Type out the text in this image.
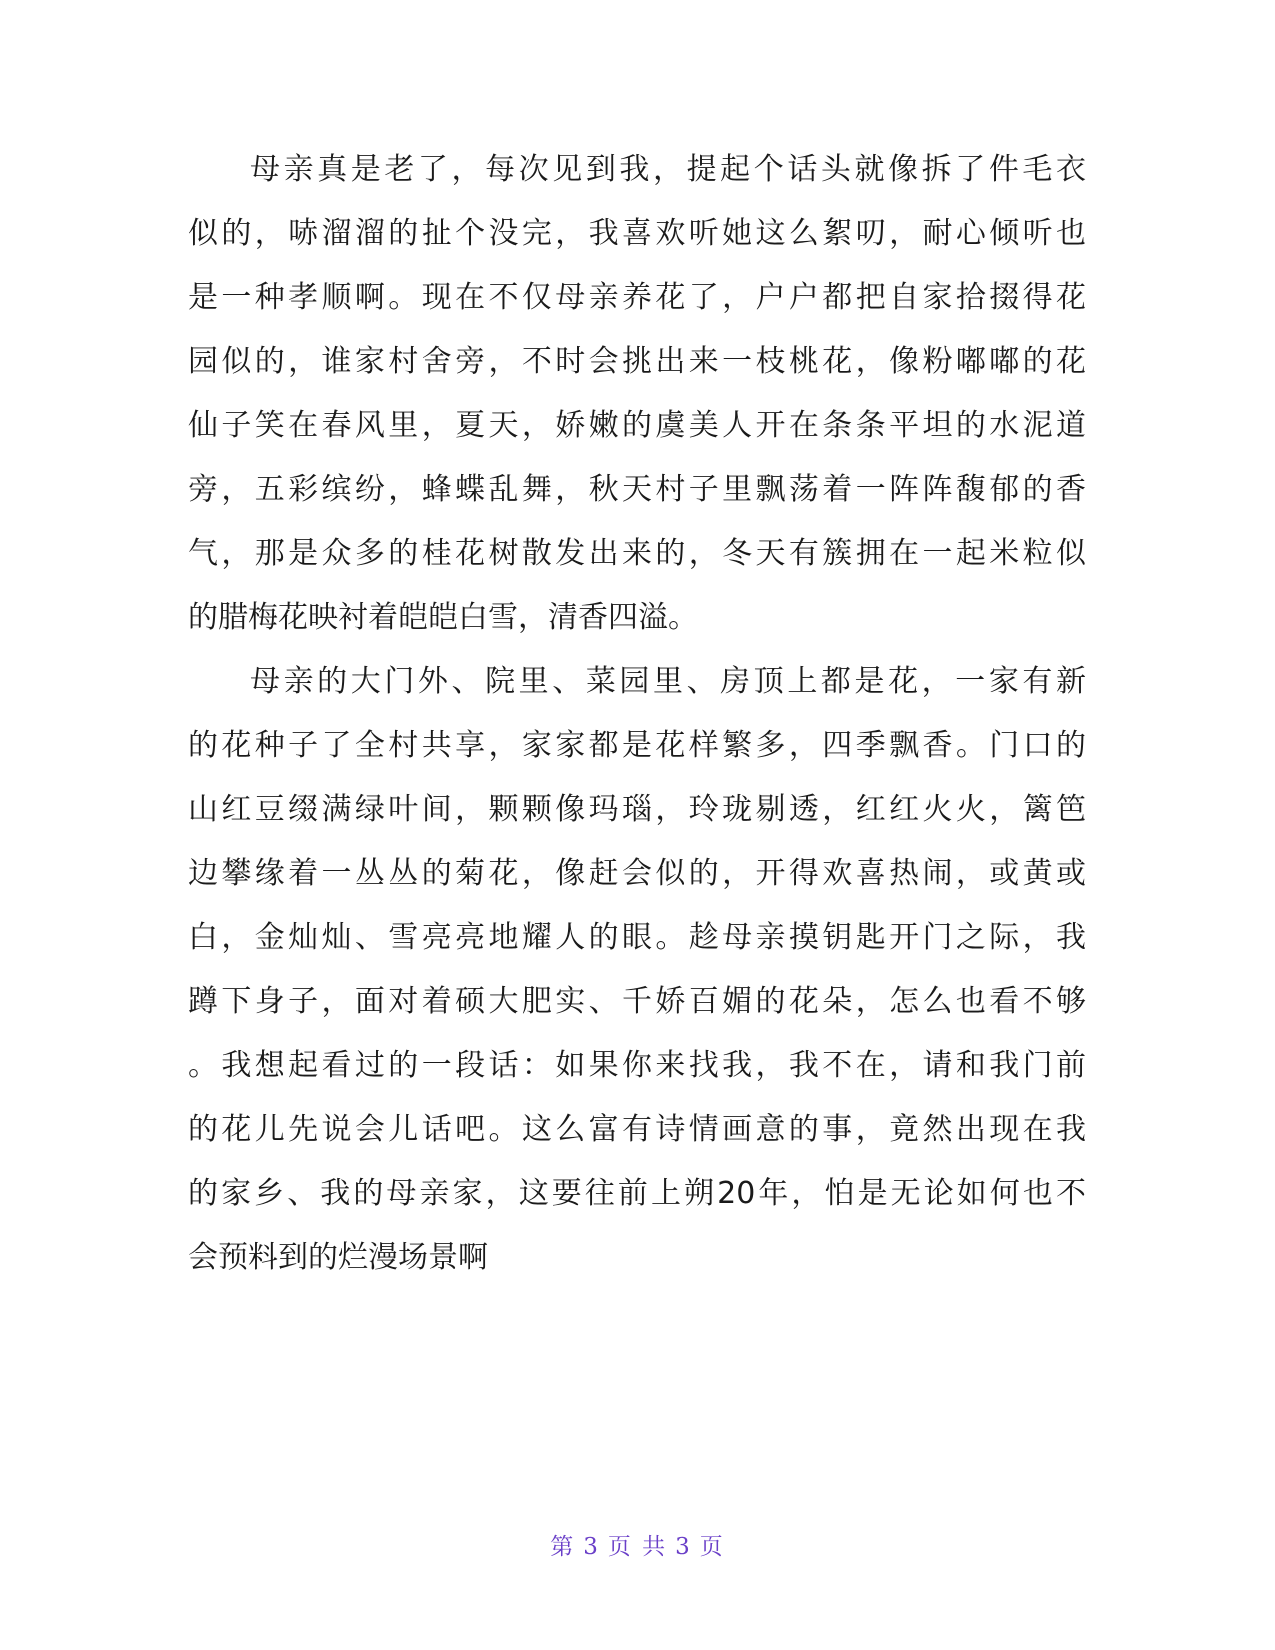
母亲真是老了，每次见到我，提起个话头就像拆了件毛衣
似的，哧溜溜的扯个没完，我喜欢听她这么絮叨，耐心倾听也
是一种孝顺啊。现在不仅母亲养花了，户户都把自家拾掇得花
园似的，谁家村舍旁，不时会挑出来一枝桃花，像粉嘟嘟的花
仙子笑在春风里，夏天，娇嫩的虞美人开在条条平坦的水泥道
旁，五彩缤纷，蜂蝶乱舞，秋天村子里飘荡着一阵阵馥郁的香
气，那是众多的桂花树散发出来的，冬天有簇拥在一起米粒似
的腊梅花映衬着皑皑白雪，清香四溢。
母亲的大门外、院里、菜园里、房顶上都是花，一家有新
的花种子了全村共享，家家都是花样繁多，四季飘香。门口的
山红豆缀满绿叶间，颗颗像玛瑙，玲珑剔透，红红火火，篱笆
边攀缘着一丛丛的菊花，像赶会似的，开得欢喜热闹，或黄或
白，金灿灿、雪亮亮地耀人的眼。趁母亲摸钥匙开门之际，我
蹲下身子，面对着硕大肥实、千娇百媚的花朵，怎么也看不够
。我想起看过的一段话：如果你来找我，我不在，请和我门前
的花儿先说会儿话吧。这么富有诗情画意的事，竟然出现在我
的家乡、我的母亲家，这要往前上朔20年，怕是无论如何也不
会预料到的烂漫场景啊
第 3 页 共 3 页
